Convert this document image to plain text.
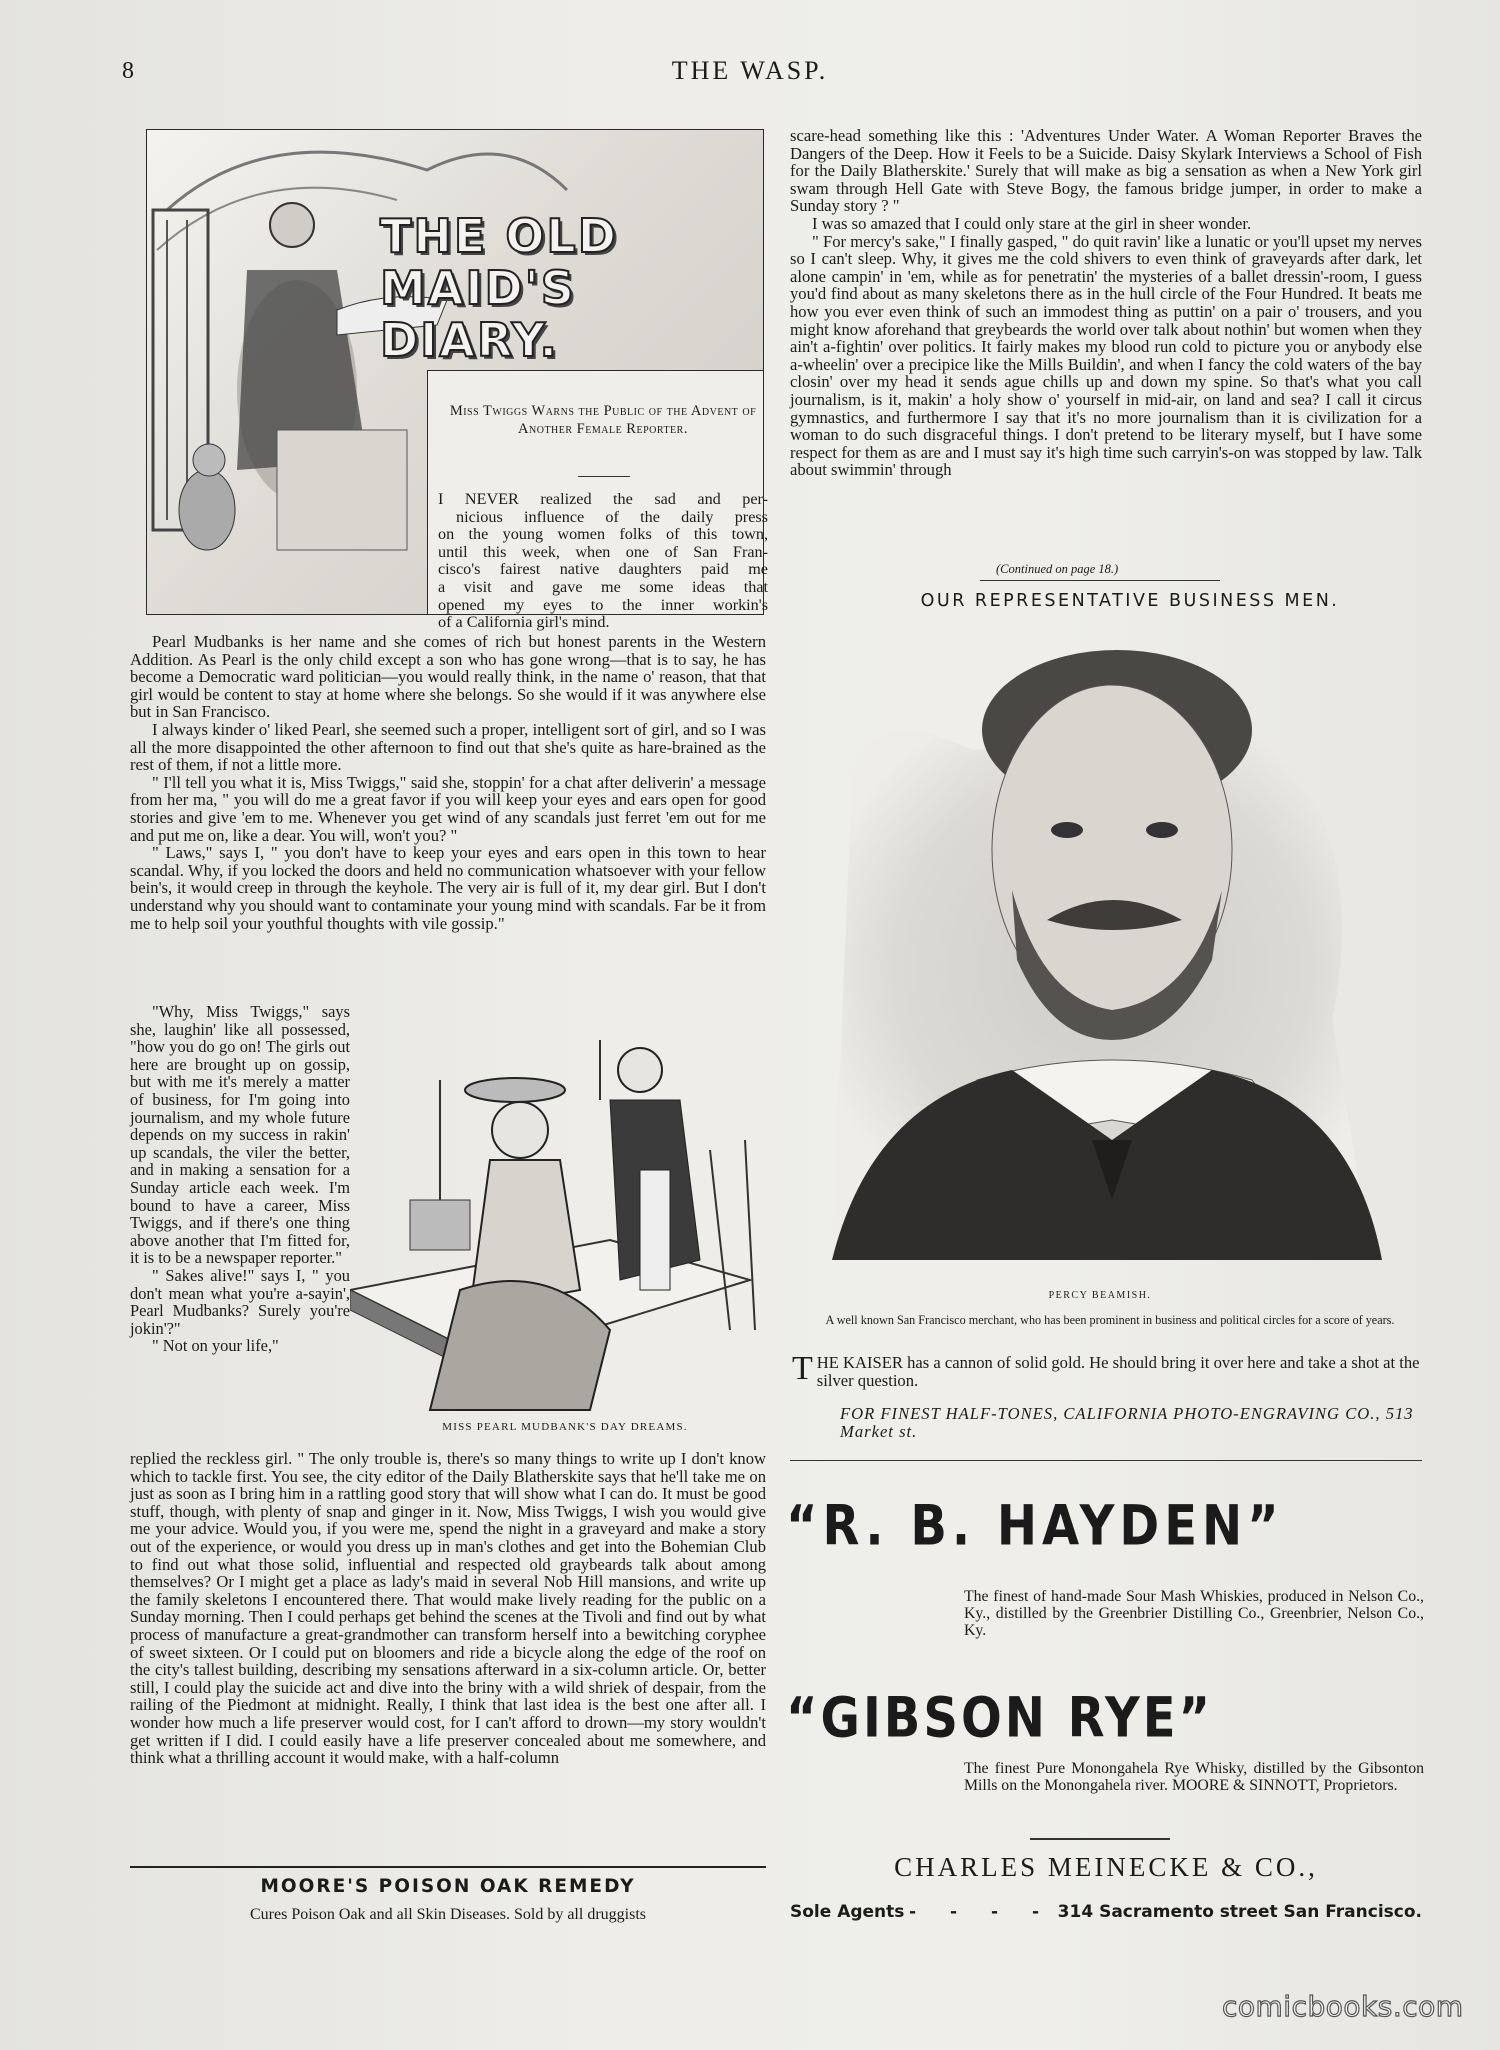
8	THE WASP.
THE OLD MAID'S DIARY.
Miss Twiggs Warns the Public of the Advent of Another Female Reporter.
I NEVER realized the sad and per-
nicious influence of the daily press
on the young women folks of this town,
until this week, when one of San Fran-
cisco's fairest native daughters paid me
a visit and gave me some ideas that
opened my eyes to the inner workin's
of a California girl's mind.

Pearl Mudbanks is her name and she comes of rich but honest parents in the Western Addition. As Pearl is the only child except a son who has gone wrong—that is to say, he has become a Democratic ward politician—you would really think, in the name o' reason, that that girl would be content to stay at home where she belongs. So she would if it was anywhere else but in San Francisco.

I always kinder o' liked Pearl, she seemed such a proper, intelligent sort of girl, and so I was all the more disappointed the other afternoon to find out that she's quite as hare-brained as the rest of them, if not a little more.

" I'll tell you what it is, Miss Twiggs," said she, stoppin' for a chat after deliverin' a message from her ma, " you will do me a great favor if you will keep your eyes and ears open for good stories and give 'em to me. Whenever you get wind of any scandals just ferret 'em out for me and put me on, like a dear. You will, won't you? "

" Laws," says I, " you don't have to keep your eyes and ears open in this town to hear scandal. Why, if you locked the doors and held no communication whatsoever with your fellow bein's, it would creep in through the keyhole. The very air is full of it, my dear girl. But I don't understand why you should want to contaminate your young mind with scandals. Far be it from me to help soil your youthful thoughts with vile gossip."

"Why, Miss Twiggs," says she, laughin' like all possessed, "how you do go on! The girls out here are brought up on gossip, but with me it's merely a matter of business, for I'm going into journalism, and my whole future depends on my success in rakin' up scandals, the viler the better, and in making a sensation for a Sunday article each week. I'm bound to have a career, Miss Twiggs, and if there's one thing above another that I'm fitted for, it is to be a newspaper reporter."

" Sakes alive!" says I, " you don't mean what you're a-sayin', Pearl Mudbanks? Surely you're jokin'?"

" Not on your life,"

MISS PEARL MUDBANK'S DAY DREAMS.

replied the reckless girl. " The only trouble is, there's so many things to write up I don't know which to tackle first. You see, the city editor of the Daily Blatherskite says that he'll take me on just as soon as I bring him in a rattling good story that will show what I can do. It must be good stuff, though, with plenty of snap and ginger in it. Now, Miss Twiggs, I wish you would give me your advice. Would you, if you were me, spend the night in a graveyard and make a story out of the experience, or would you dress up in man's clothes and get into the Bohemian Club to find out what those solid, influential and respected old graybeards talk about among themselves? Or I might get a place as lady's maid in several Nob Hill mansions, and write up the family skeletons I encountered there. That would make lively reading for the public on a Sunday morning. Then I could perhaps get behind the scenes at the Tivoli and find out by what process of manufacture a great-grandmother can transform herself into a bewitching coryphee of sweet sixteen. Or I could put on bloomers and ride a bicycle along the edge of the roof on the city's tallest building, describing my sensations afterward in a six-column article. Or, better still, I could play the suicide act and dive into the briny with a wild shriek of despair, from the railing of the Piedmont at midnight. Really, I think that last idea is the best one after all. I wonder how much a life preserver would cost, for I can't afford to drown—my story wouldn't get written if I did. I could easily have a life preserver concealed about me somewhere, and think what a thrilling account it would make, with a half-column

MOORE'S POISON OAK REMEDY
Cures Poison Oak and all Skin Diseases. Sold by all druggists

scare-head something like this : 'Adventures Under Water. A Woman Reporter Braves the Dangers of the Deep. How it Feels to be a Suicide. Daisy Skylark Interviews a School of Fish for the Daily Blatherskite.' Surely that will make as big a sensation as when a New York girl swam through Hell Gate with Steve Bogy, the famous bridge jumper, in order to make a Sunday story ? "

I was so amazed that I could only stare at the girl in sheer wonder.

" For mercy's sake," I finally gasped, " do quit ravin' like a lunatic or you'll upset my nerves so I can't sleep. Why, it gives me the cold shivers to even think of graveyards after dark, let alone campin' in 'em, while as for penetratin' the mysteries of a ballet dressin'-room, I guess you'd find about as many skeletons there as in the hull circle of the Four Hundred. It beats me how you ever even think of such an immodest thing as puttin' on a pair o' trousers, and you might know aforehand that greybeards the world over talk about nothin' but women when they ain't a-fightin' over politics. It fairly makes my blood run cold to picture you or anybody else a-wheelin' over a precipice like the Mills Buildin', and when I fancy the cold waters of the bay closin' over my head it sends ague chills up and down my spine. So that's what you call journalism, is it, makin' a holy show o' yourself in mid-air, on land and sea? I call it circus gymnastics, and furthermore I say that it's no more journalism than it is civilization for a woman to do such disgraceful things. I don't pretend to be literary myself, but I have some respect for them as are and I must say it's high time such carryin's-on was stopped by law. Talk about swimmin' through

(Continued on page 18.)
OUR REPRESENTATIVE BUSINESS MEN.
PERCY BEAMISH.
A well known San Francisco merchant, who has been prominent in business and political circles for a score of years.
THE KAISER has a cannon of solid gold. He should bring it over here and take a shot at the silver question.
FOR FINEST HALF-TONES, CALIFORNIA PHOTO-ENGRAVING CO., 513 Market st.
“R. B. HAYDEN”
The finest of hand-made Sour Mash Whiskies, produced in Nelson Co., Ky., distilled by the Greenbrier Distilling Co., Greenbrier, Nelson Co., Ky.
“GIBSON RYE”
The finest Pure Monongahela Rye Whisky, distilled by the Gibsonton Mills on the Monongahela river. MOORE & SINNOTT, Proprietors.
CHARLES MEINECKE & CO.,
Sole Agents - - - - 314 Sacramento street San Francisco.
comicbooks.com
